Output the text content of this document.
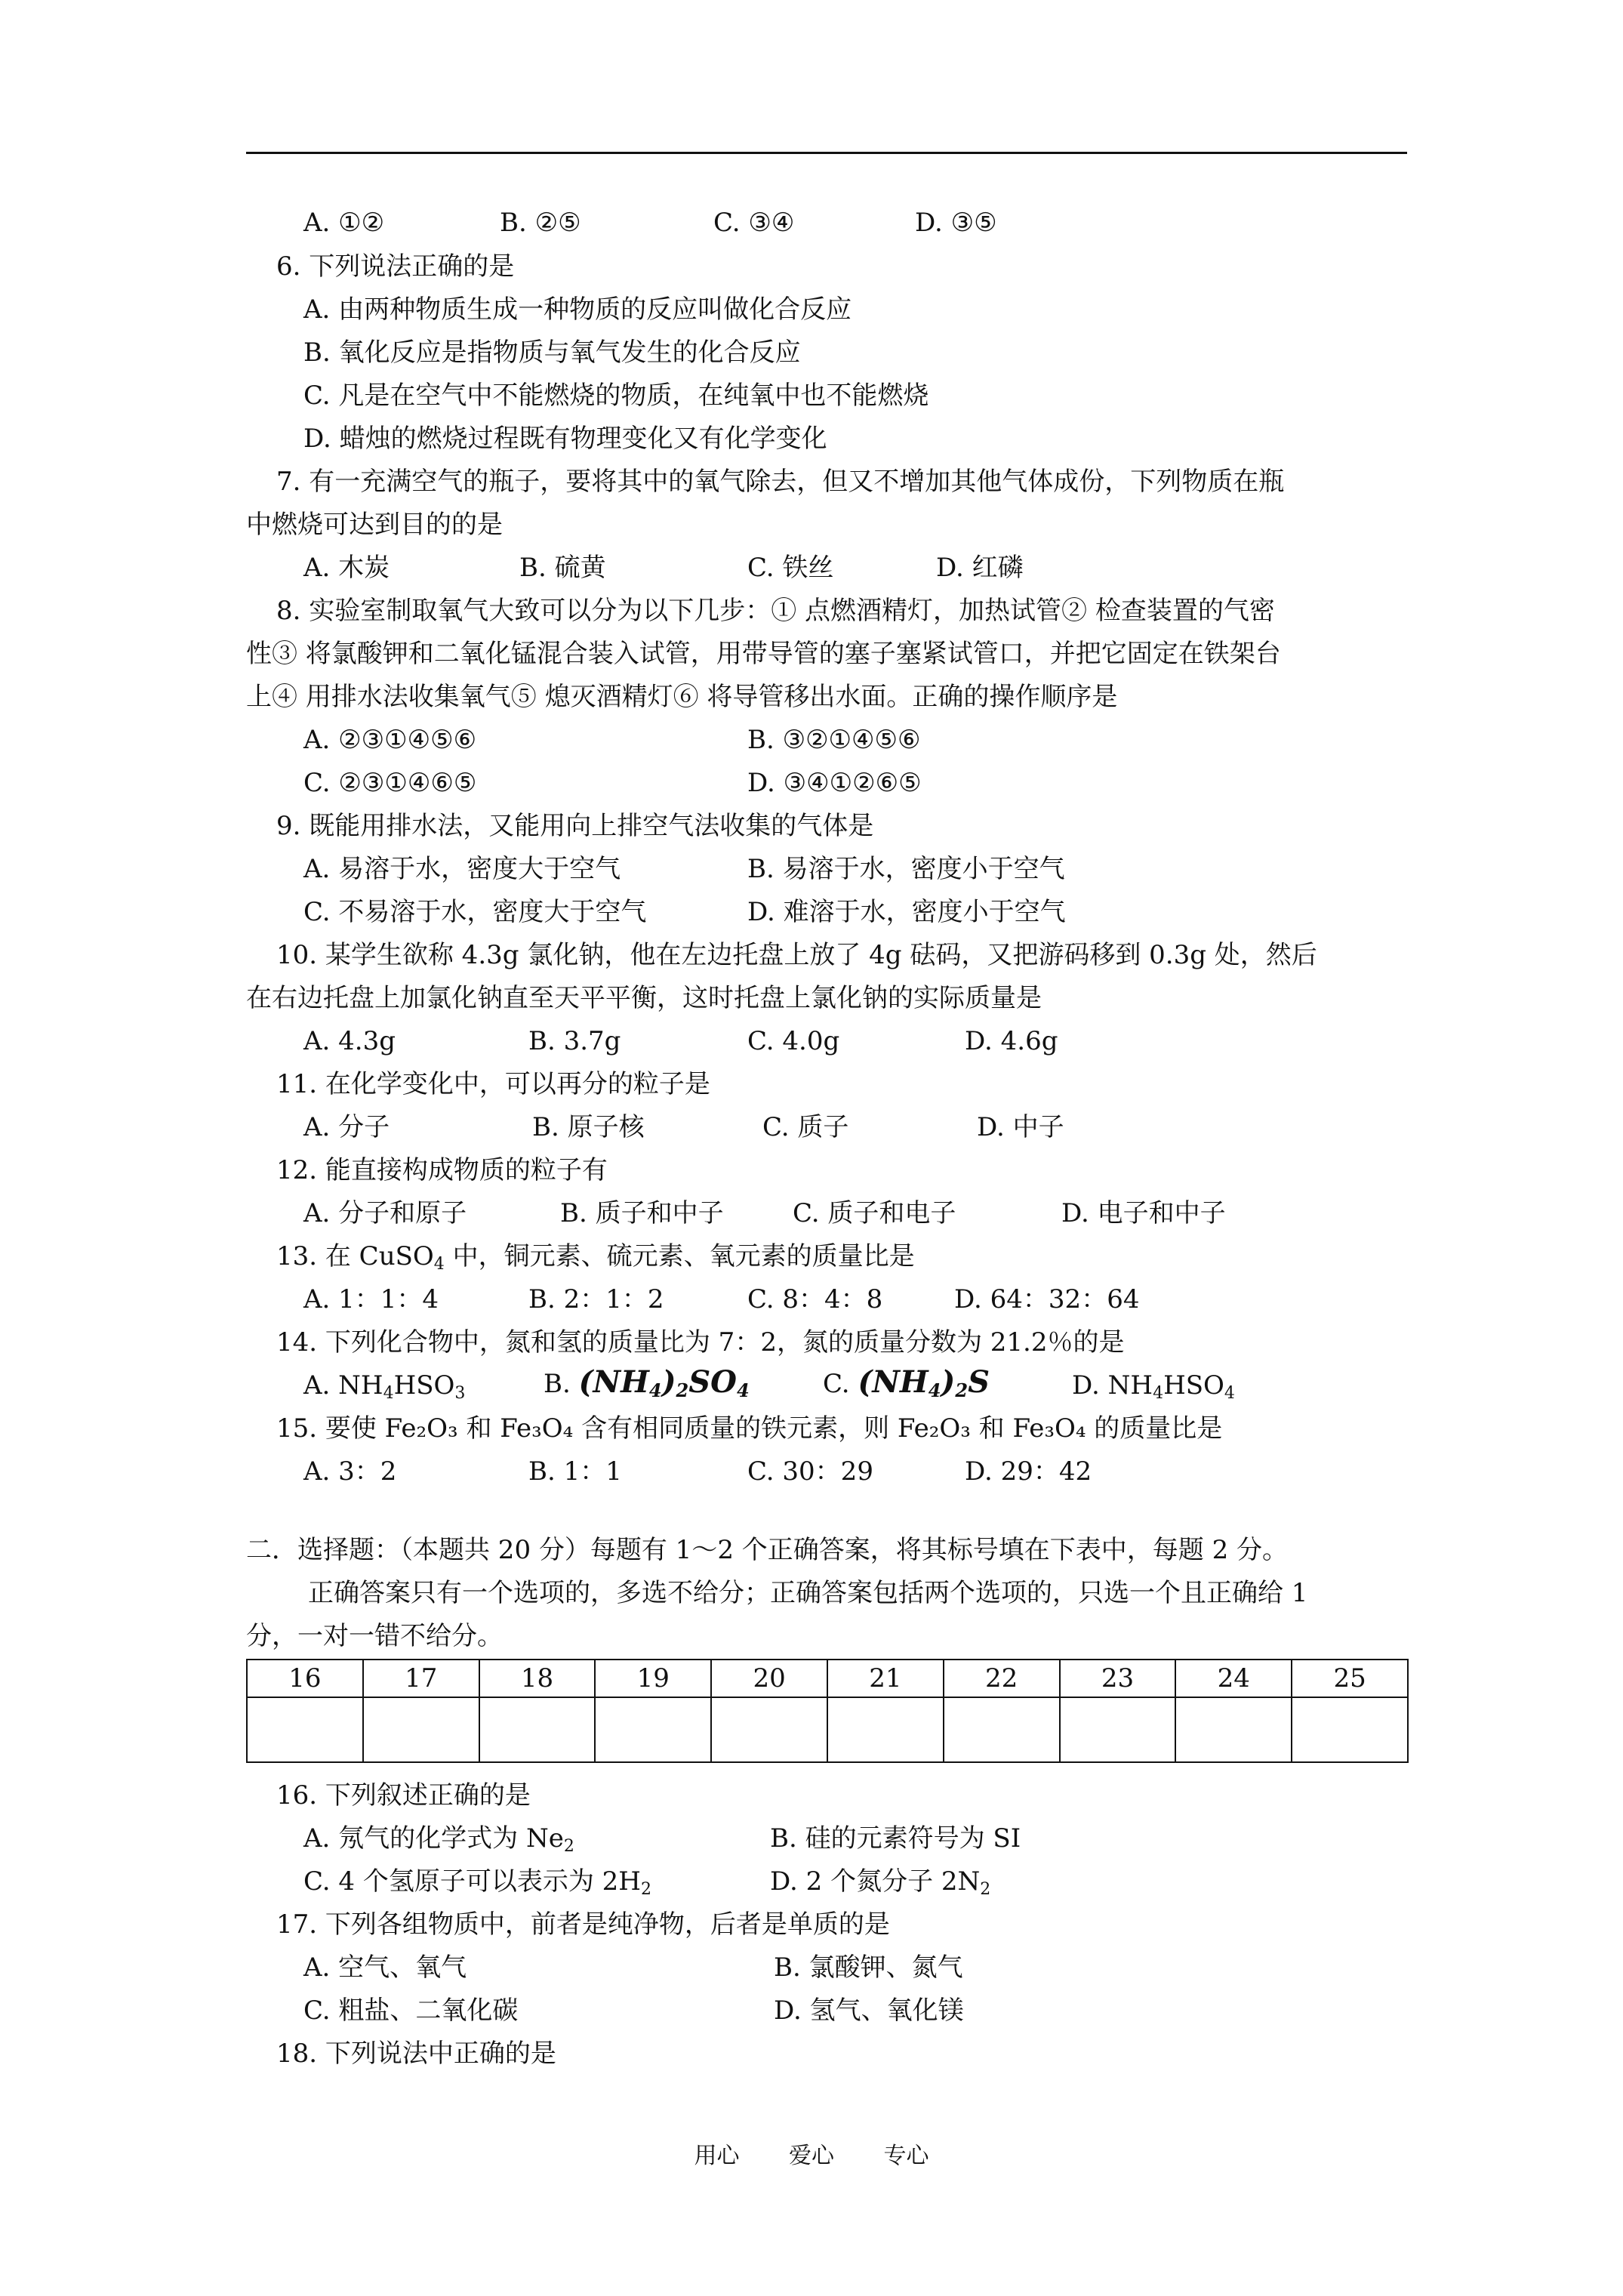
A. ①②	B. ②⑤	C. ③④	D. ③⑤
6. 下列说法正确的是
A. 由两种物质生成一种物质的反应叫做化合反应
B. 氧化反应是指物质与氧气发生的化合反应
C. 凡是在空气中不能燃烧的物质，在纯氧中也不能燃烧
D. 蜡烛的燃烧过程既有物理变化又有化学变化
7. 有一充满空气的瓶子，要将其中的氧气除去，但又不增加其他气体成份，下列物质在瓶
中燃烧可达到目的的是
A. 木炭	B. 硫黄	C. 铁丝	D. 红磷
8. 实验室制取氧气大致可以分为以下几步：① 点燃酒精灯，加热试管② 检查装置的气密
性③ 将氯酸钾和二氧化锰混合装入试管，用带导管的塞子塞紧试管口，并把它固定在铁架台
上④ 用排水法收集氧气⑤ 熄灭酒精灯⑥ 将导管移出水面。正确的操作顺序是
A. ②③①④⑤⑥	B. ③②①④⑤⑥
C. ②③①④⑥⑤	D. ③④①②⑥⑤
9. 既能用排水法，又能用向上排空气法收集的气体是
A. 易溶于水，密度大于空气	B. 易溶于水，密度小于空气
C. 不易溶于水，密度大于空气	D. 难溶于水，密度小于空气
10. 某学生欲称 4.3g 氯化钠，他在左边托盘上放了 4g 砝码，又把游码移到 0.3g 处，然后
在右边托盘上加氯化钠直至天平平衡，这时托盘上氯化钠的实际质量是
A. 4.3g	B. 3.7g	C. 4.0g	D. 4.6g
11. 在化学变化中，可以再分的粒子是
A. 分子	B. 原子核	C. 质子	D. 中子
12. 能直接构成物质的粒子有
A. 分子和原子	B. 质子和中子	C. 质子和电子	D. 电子和中子
13. 在 CuSO$_4$ 中，铜元素、硫元素、氧元素的质量比是
A. 1：1：4	B. 2：1：2	C. 8：4：8	D. 64：32：64
14. 下列化合物中，氮和氢的质量比为 7：2，氮的质量分数为 21.2％的是
A. $NH_4HSO_3$	B. $(NH_4)_2SO_4$	C. $(NH_4)_2S$	D. $NH_4HSO_4$
15. 要使 Fe₂O₃ 和 Fe₃O₄ 含有相同质量的铁元素，则 Fe₂O₃ 和 Fe₃O₄ 的质量比是
A. 3：2	B. 1：1	C. 30：29	D. 29：42
二．选择题：（本题共 20 分）每题有 1～2 个正确答案，将其标号填在下表中，每题 2 分。
正确答案只有一个选项的，多选不给分；正确答案包括两个选项的，只选一个且正确给 1
分，一对一错不给分。
16	17	18	19	20	21	22	23	24	25

16. 下列叙述正确的是
A. 氖气的化学式为 $Ne_2$	B. 硅的元素符号为 SI
C. 4 个氢原子可以表示为 $2H_2$	D. 2 个氮分子 $2N_2$
17. 下列各组物质中，前者是纯净物，后者是单质的是
A. 空气、氧气	B. 氯酸钾、氮气
C. 粗盐、二氧化碳	D. 氢气、氧化镁
18. 下列说法中正确的是
用心 爱心 专心
